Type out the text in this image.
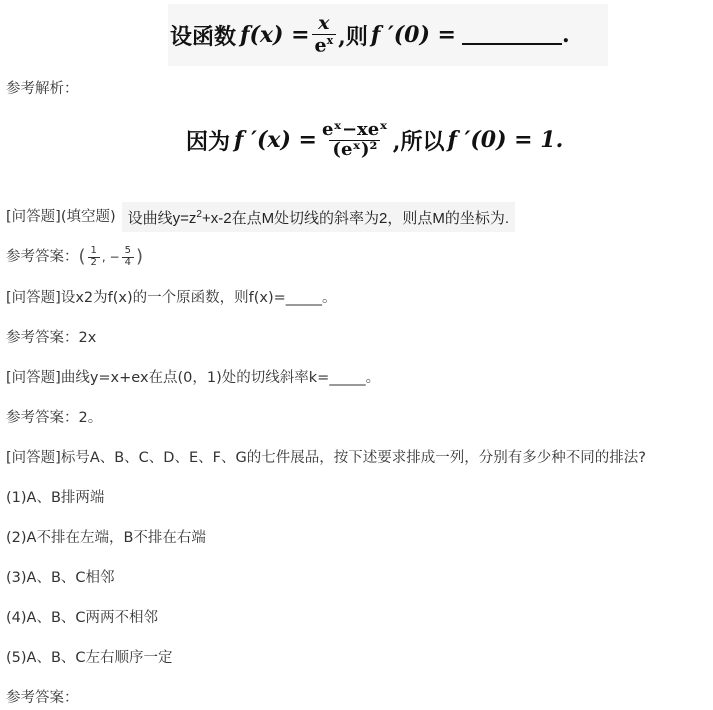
设函数 $f(x) = \frac{x}{e^x}$ ,则 f ′(0) =	.
参考解析：
因为 f $'(x) = \frac{\text{eˣ−xeˣ}}{\text{(eˣ)²}}$ ,所以 f ′(0) = 1.
[问答题](填空题) 设曲线$y=z^2+x-2$在点M处切线的斜率为2，则点M的坐标为.
参考答案： ( $\frac{1}{2}$ , − $\frac{5}{4}$ )
[问答题]设x2为f(x)的一个原函数，则f(x)=_____。
参考答案：2x
[问答题]曲线y=x+ex在点(0，1)处的切线斜率k=_____。
参考答案：2。
[问答题]标号A、B、C、D、E、F、G的七件展品，按下述要求排成一列，分别有多少种不同的排法?
(1)A、B排两端
(2)A不排在左端，B不排在右端
(3)A、B、C相邻
(4)A、B、C两两不相邻
(5)A、B、C左右顺序一定
参考答案：
